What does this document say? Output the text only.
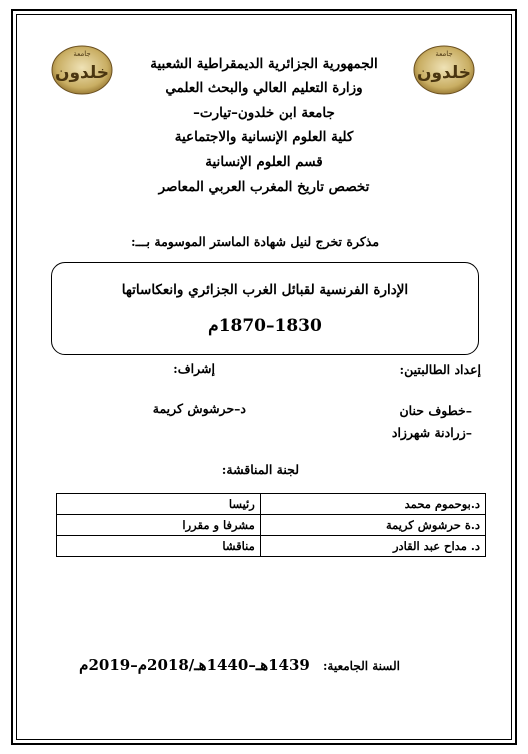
جامعة
خلدون
جامعة
خلدون
الجمهورية الجزائرية الديمقراطية الشعبية
وزارة التعليم العالي والبحث العلمي
جامعة ابن خلدون–تيارت–
كلية العلوم الإنسانية والاجتماعية
قسم العلوم الإنسانية
تخصص تاريخ المغرب العربي المعاصر
مذكرة تخرج لنيل شهادة الماستر الموسومة بـــ:
الإدارة الفرنسية لقبائل الغرب الجزائري وانعكاساتها
1830–1870م
إعداد الطالبتين:
إشراف:
–خطوف حنان
–زرادنة شهرزاد
د–حرشوش كريمة
لجنة المناقشة:
د.بوحموم محمد	رئيسا
د.ة حرشوش كريمة	مشرفا و مقررا
د. مداح عبد القادر	مناقشا
السنة الجامعية: 1439هـ–1440هـ/2018م–2019م
